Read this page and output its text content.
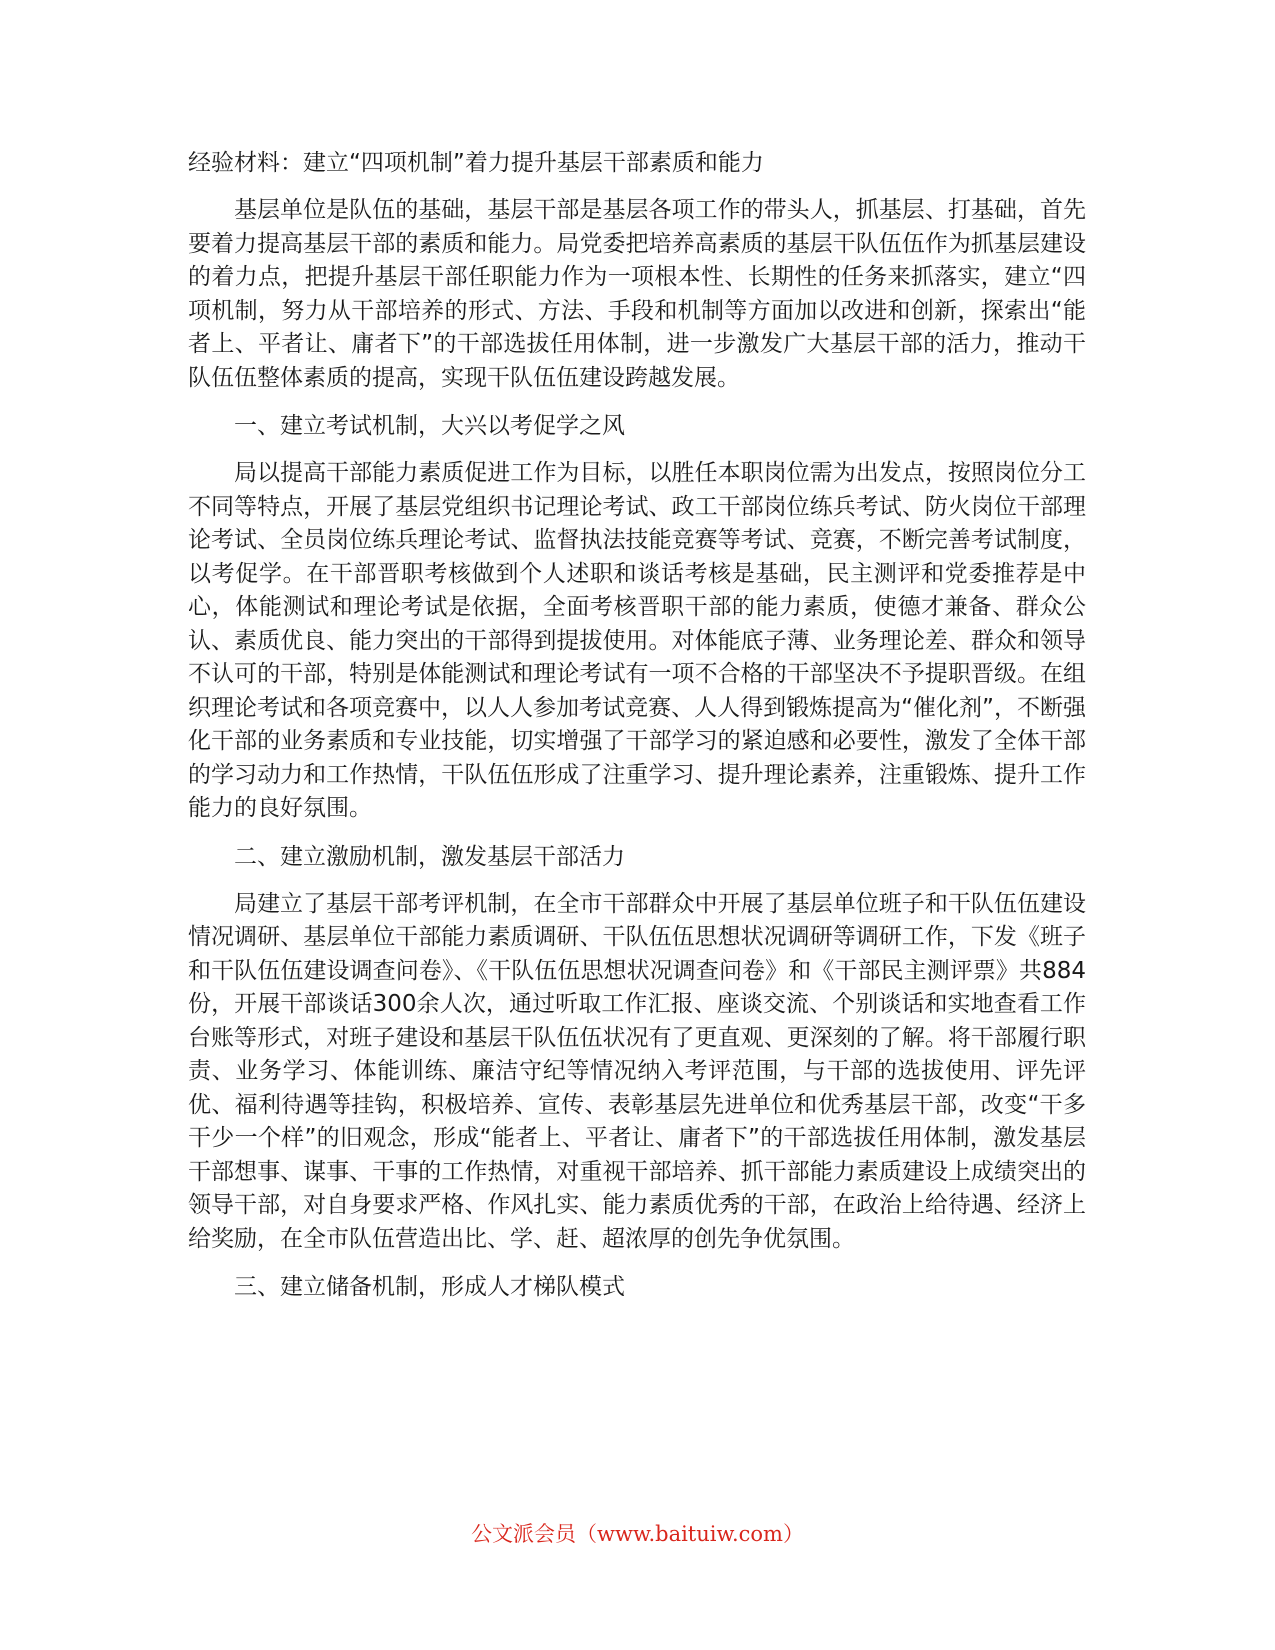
经验材料：建立“四项机制”着力提升基层干部素质和能力

基层单位是队伍的基础，基层干部是基层各项工作的带头人，抓基层、打基础，首先要着力提高基层干部的素质和能力。局党委把培养高素质的基层干队伍伍作为抓基层建设的着力点，把提升基层干部任职能力作为一项根本性、长期性的任务来抓落实，建立“四项机制，努力从干部培养的形式、方法、手段和机制等方面加以改进和创新，探索出“能者上、平者让、庸者下”的干部选拔任用体制，进一步激发广大基层干部的活力，推动干队伍伍整体素质的提高，实现干队伍伍建设跨越发展。

一、建立考试机制，大兴以考促学之风

局以提高干部能力素质促进工作为目标，以胜任本职岗位需为出发点，按照岗位分工不同等特点，开展了基层党组织书记理论考试、政工干部岗位练兵考试、防火岗位干部理论考试、全员岗位练兵理论考试、监督执法技能竞赛等考试、竞赛，不断完善考试制度，以考促学。在干部晋职考核做到个人述职和谈话考核是基础，民主测评和党委推荐是中心，体能测试和理论考试是依据，全面考核晋职干部的能力素质，使德才兼备、群众公认、素质优良、能力突出的干部得到提拔使用。对体能底子薄、业务理论差、群众和领导不认可的干部，特别是体能测试和理论考试有一项不合格的干部坚决不予提职晋级。在组织理论考试和各项竞赛中，以人人参加考试竞赛、人人得到锻炼提高为“催化剂”，不断强化干部的业务素质和专业技能，切实增强了干部学习的紧迫感和必要性，激发了全体干部的学习动力和工作热情，干队伍伍形成了注重学习、提升理论素养，注重锻炼、提升工作能力的良好氛围。

二、建立激励机制，激发基层干部活力

局建立了基层干部考评机制，在全市干部群众中开展了基层单位班子和干队伍伍建设情况调研、基层单位干部能力素质调研、干队伍伍思想状况调研等调研工作，下发《班子和干队伍伍建设调查问卷》、《干队伍伍思想状况调查问卷》和《干部民主测评票》共884份，开展干部谈话300余人次，通过听取工作汇报、座谈交流、个别谈话和实地查看工作台账等形式，对班子建设和基层干队伍伍状况有了更直观、更深刻的了解。将干部履行职责、业务学习、体能训练、廉洁守纪等情况纳入考评范围，与干部的选拔使用、评先评优、福利待遇等挂钩，积极培养、宣传、表彰基层先进单位和优秀基层干部，改变“干多干少一个样”的旧观念，形成“能者上、平者让、庸者下”的干部选拔任用体制，激发基层干部想事、谋事、干事的工作热情，对重视干部培养、抓干部能力素质建设上成绩突出的领导干部，对自身要求严格、作风扎实、能力素质优秀的干部，在政治上给待遇、经济上给奖励，在全市队伍营造出比、学、赶、超浓厚的创先争优氛围。

三、建立储备机制，形成人才梯队模式

公文派会员（www.baituiw.com）
